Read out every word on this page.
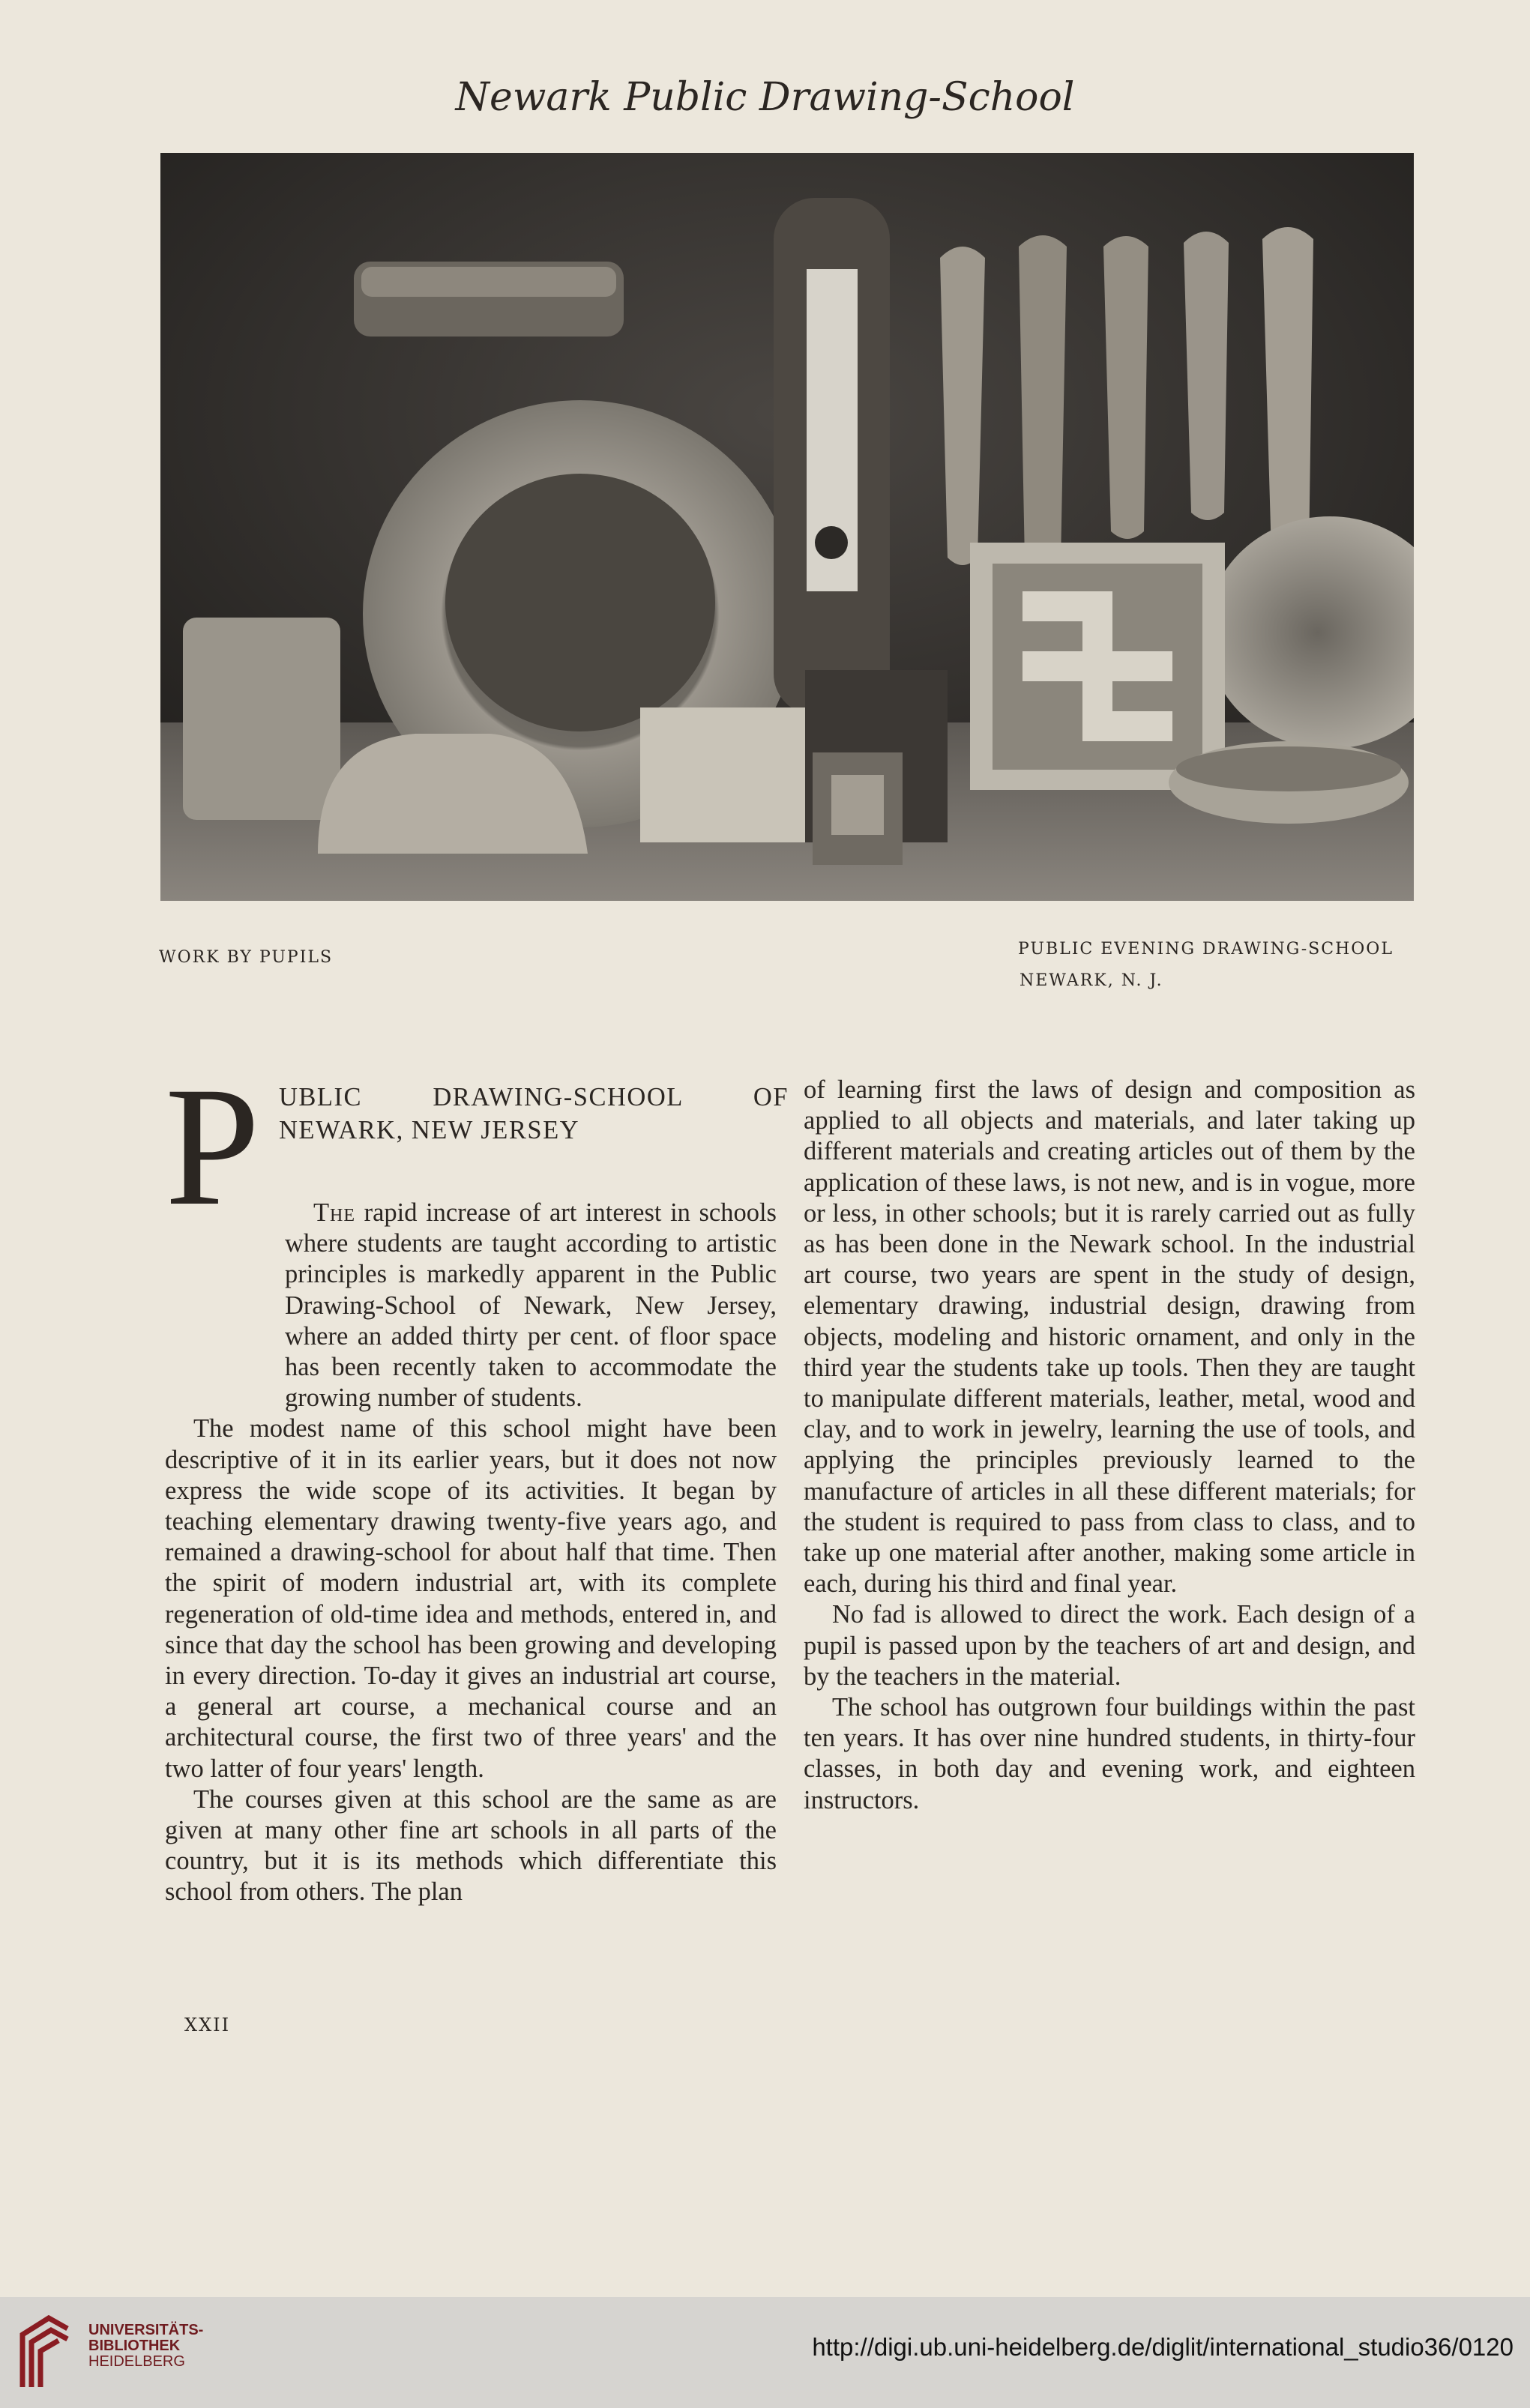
Newark Public Drawing-School
WORK BY PUPILS	PUBLIC EVENING DRAWING-SCHOOL
NEWARK, N. J.
P UBLIC DRAWING-SCHOOL OF NEWARK, NEW JERSEY
The rapid increase of art interest in schools where students are taught according to artistic principles is markedly apparent in the Public Drawing-School of Newark, New Jersey, where an added thirty per cent. of floor space has been recently taken to accommodate the growing number of students.

The modest name of this school might have been descriptive of it in its earlier years, but it does not now express the wide scope of its activities. It began by teaching elementary drawing twenty-five years ago, and remained a drawing-school for about half that time. Then the spirit of modern industrial art, with its complete regeneration of old-time idea and methods, entered in, and since that day the school has been growing and developing in every direction. To-day it gives an industrial art course, a general art course, a mechanical course and an architectural course, the first two of three years' and the two latter of four years' length.

The courses given at this school are the same as are given at many other fine art schools in all parts of the country, but it is its methods which differentiate this school from others. The plan

of learning first the laws of design and composition as applied to all objects and materials, and later taking up different materials and creating articles out of them by the application of these laws, is not new, and is in vogue, more or less, in other schools; but it is rarely carried out as fully as has been done in the Newark school. In the industrial art course, two years are spent in the study of design, elementary drawing, industrial design, drawing from objects, modeling and historic ornament, and only in the third year the students take up tools. Then they are taught to manipulate different materials, leather, metal, wood and clay, and to work in jewelry, learning the use of tools, and applying the principles previously learned to the manufacture of articles in all these different materials; for the student is required to pass from class to class, and to take up one material after another, making some article in each, during his third and final year.

No fad is allowed to direct the work. Each design of a pupil is passed upon by the teachers of art and design, and by the teachers in the material.

The school has outgrown four buildings within the past ten years. It has over nine hundred students, in thirty-four classes, in both day and evening work, and eighteen instructors.

XXII
UNIVERSITÄTS-
BIBLIOTHEK
HEIDELBERG
http://digi.ub.uni-heidelberg.de/diglit/international_studio36/0120
